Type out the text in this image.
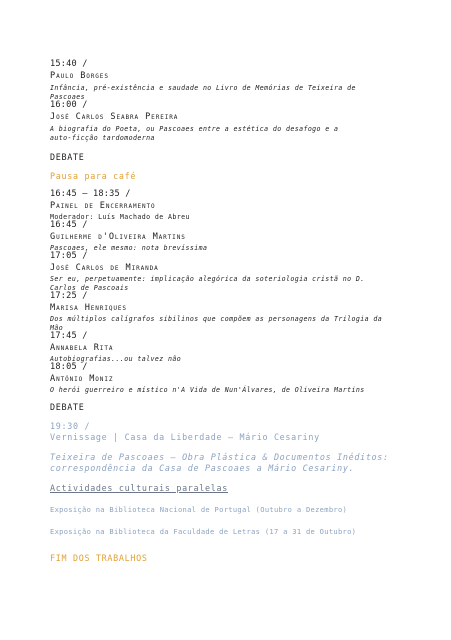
15:40 /

Paulo Borges

Infância, pré-existência e saudade no Livro de Memórias de Teixeira de

Pascoaes

16:00 /

José Carlos Seabra Pereira

A biografia do Poeta, ou Pascoaes entre a estética do desafogo e a

auto-ficção tardomoderna

DEBATE

Pausa para café

16:45 – 18:35 /

Painel de Encerramento

Moderador: Luís Machado de Abreu

16:45 /

Guilherme d'Oliveira Martins

Pascoaes, ele mesmo: nota brevíssima

17:05 /

José Carlos de Miranda

Ser eu, perpetuamente: implicação alegórica da soteriologia cristã no D.

Carlos de Pascoais

17:25 /

Marisa Henriques

Dos múltiplos calígrafos sibilinos que compõem as personagens da Trilogia da

Mão

17:45 /

Annabela Rita

Autobiografias...ou talvez não

18:05 /

António Moniz

O herói guerreiro e místico n'A Vida de Nun'Álvares, de Oliveira Martins

DEBATE

19:30 /

Vernissage | Casa da Liberdade – Mário Cesariny

Teixeira de Pascoaes – Obra Plástica & Documentos Inéditos:

correspondência da Casa de Pascoaes a Mário Cesariny.

Actividades culturais paralelas

Exposição na Biblioteca Nacional de Portugal (Outubro a Dezembro)

Exposição na Biblioteca da Faculdade de Letras (17 a 31 de Outubro)

FIM DOS TRABALHOS
